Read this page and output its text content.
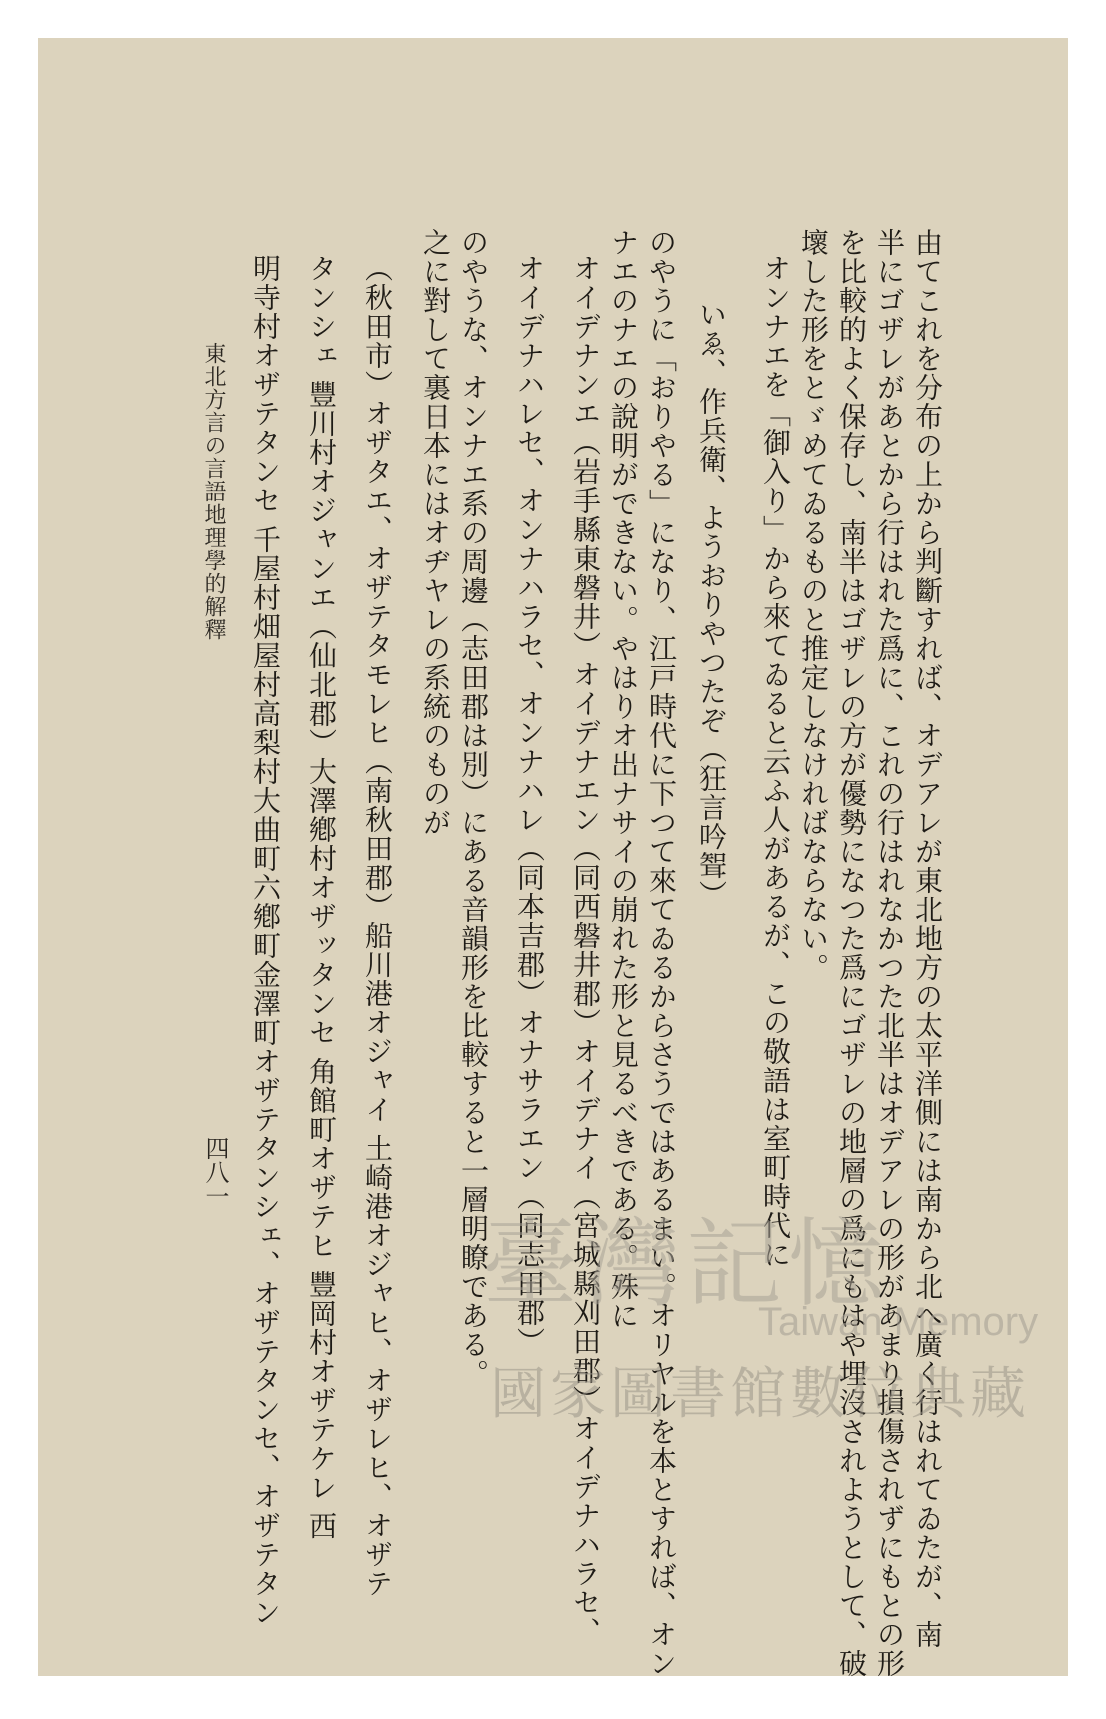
由てこれを分布の上から判斷すれば、オデアレが東北地方の太平洋側には南から北へ廣く行はれてゐたが、南
半にゴザレがあとから行はれた爲に、これの行はれなかつた北半はオデアレの形があまり損傷されずにもとの形
を比較的よく保存し、南半はゴザレの方が優勢になつた爲にゴザレの地層の爲にもはや埋沒されようとして、破
壞した形をとゞめてゐるものと推定しなければならない。
オンナエを「御入り」から來てゐると云ふ人があるが、この敬語は室町時代に
いゑ、作兵衛、ようおりやつたぞ（狂言吟聟）
のやうに「おりやる」になり、江戸時代に下つて來てゐるからさうではあるまい。オリヤルを本とすれば、オン
ナエのナエの說明ができない。やはりオ出ナサイの崩れた形と見るべきである。殊に
オイデナンエ（岩手縣東磐井）オイデナエン（同西磐井郡）オイデナイ（宮城縣刈田郡）オイデナハラセ、
オイデナハレセ、オンナハラセ、オンナハレ（同本吉郡）オナサラエン（同志田郡）
のやうな、オンナエ系の周邊（志田郡は別）にある音韻形を比較すると一層明瞭である。
之に對して裏日本にはオヂヤレの系統のものが
（秋田市）オザタエ、オザテタモレヒ（南秋田郡）船川港オジャイ 土崎港オジャヒ、オザレヒ、オザテ
タンシェ 豐川村オジャンエ（仙北郡）大澤鄕村オザッタンセ 角館町オザテヒ 豐岡村オザテケレ 西
明寺村オザテタンセ 千屋村畑屋村高梨村大曲町六鄕町金澤町オザテタンシェ、オザテタンセ、オザテタン
東北方言の言語地理學的解釋
四八一
臺灣記憶
Taiwan Memory
國家圖書館數位典藏
